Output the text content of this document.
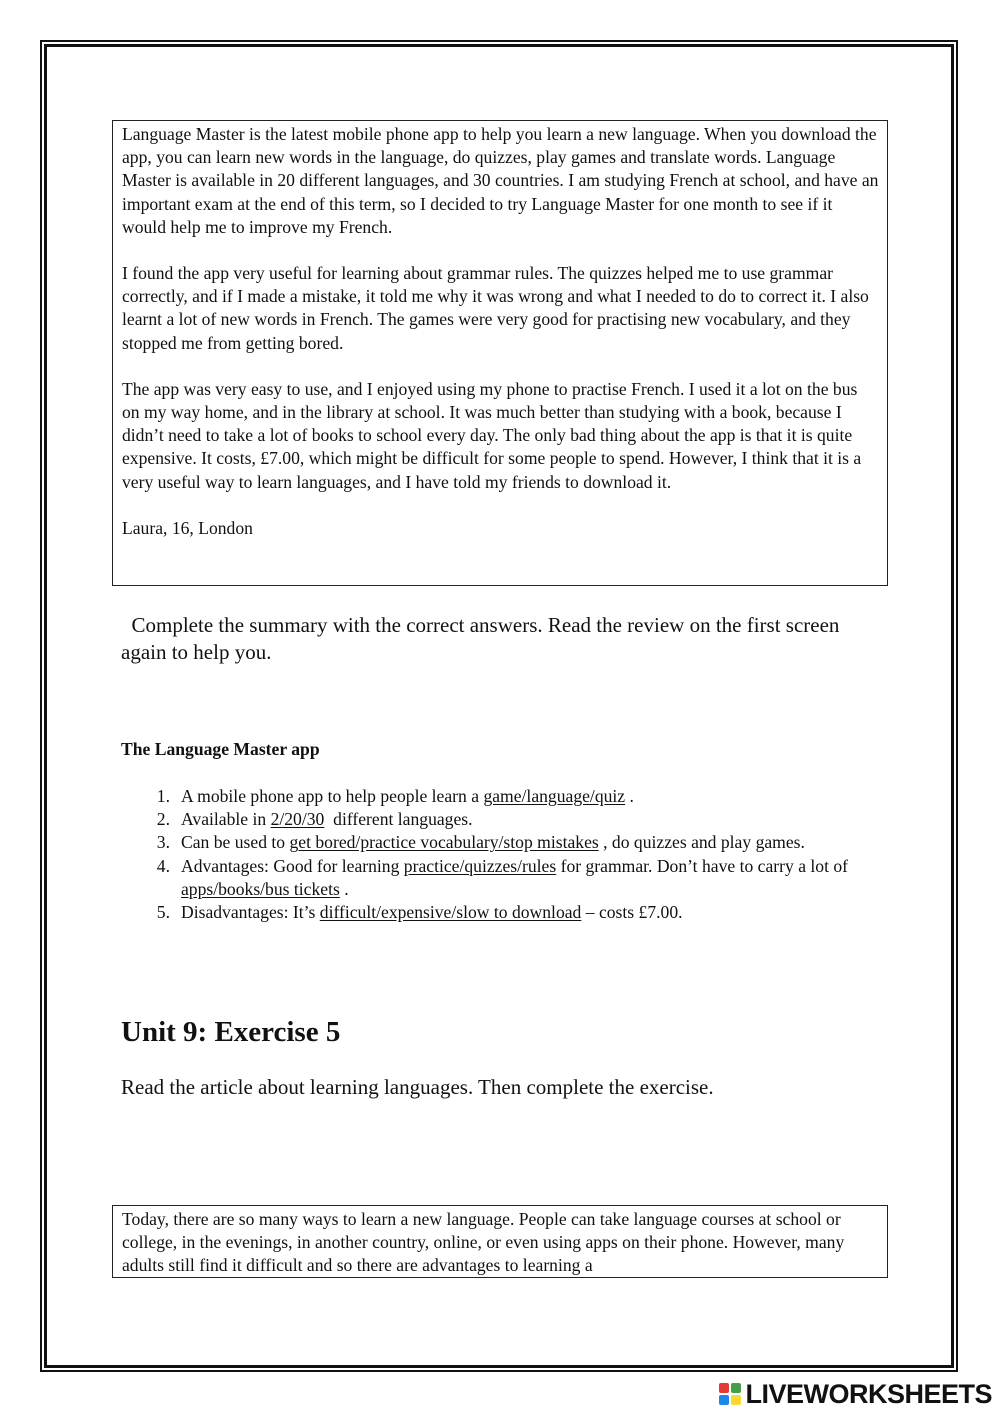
Language Master is the latest mobile phone app to help you learn a new language. When you download the app, you can learn new words in the language, do quizzes, play games and translate words. Language Master is available in 20 different languages, and 30 countries. I am studying French at school, and have an important exam at the end of this term, so I decided to try Language Master for one month to see if it would help me to improve my French.

I found the app very useful for learning about grammar rules. The quizzes helped me to use grammar correctly, and if I made a mistake, it told me why it was wrong and what I needed to do to correct it. I also learnt a lot of new words in French. The games were very good for practising new vocabulary, and they stopped me from getting bored.

The app was very easy to use, and I enjoyed using my phone to practise French. I used it a lot on the bus on my way home, and in the library at school. It was much better than studying with a book, because I didn’t need to take a lot of books to school every day. The only bad thing about the app is that it is quite expensive. It costs, £7.00, which might be difficult for some people to spend. However, I think that it is a very useful way to learn languages, and I have told my friends to download it.

Laura, 16, London

Complete the summary with the correct answers. Read the review on the first screen again to help you.

The Language Master app

1. A mobile phone app to help people learn a game/language/quiz .
2. Available in 2/20/30  different languages.
3. Can be used to get bored/practice vocabulary/stop mistakes , do quizzes and play games.
4. Advantages: Good for learning practice/quizzes/rules for grammar. Don’t have to carry a lot of apps/books/bus tickets .
5. Disadvantages: It’s difficult/expensive/slow to download – costs £7.00.
Unit 9: Exercise 5

Read the article about learning languages. Then complete the exercise.

Today, there are so many ways to learn a new language. People can take language courses at school or college, in the evenings, in another country, online, or even using apps on their phone. However, many adults still find it difficult and so there are advantages to learning a

LIVEWORKSHEETS
